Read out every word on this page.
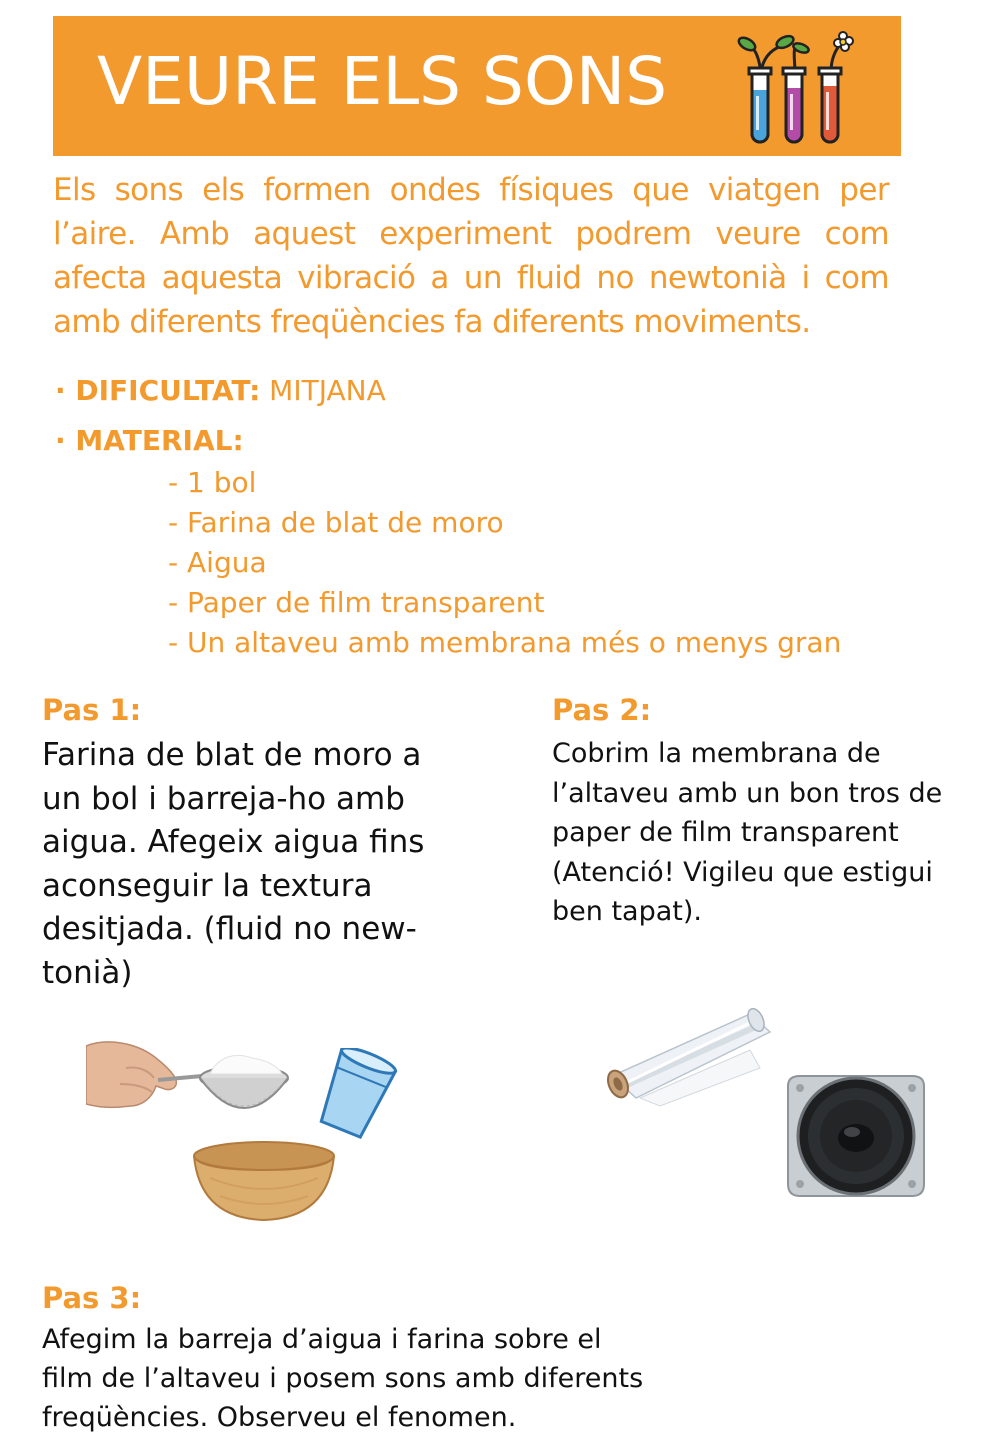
VEURE ELS SONS
Els sons els formen ondes físiques que viatgen per
l’aire. Amb aquest experiment podrem veure com
afecta aquesta vibració a un fluid no newtonià i com
amb diferents freqüències fa diferents moviments.
· DIFICULTAT: MITJANA
· MATERIAL:
- 1 bol
- Farina de blat de moro
- Aigua
- Paper de film transparent
- Un altaveu amb membrana més o menys gran
Pas 1:
Farina de blat de moro a
un bol i barreja-ho amb
aigua. Afegeix aigua fins
aconseguir la textura
desitjada. (fluid no new-
tonià)
Pas 2:
Cobrim la membrana de
l’altaveu amb un bon tros de
paper de film transparent
(Atenció! Vigileu que estigui
ben tapat).
Pas 3:
Afegim la barreja d’aigua i farina sobre el
film de l’altaveu i posem sons amb diferents
freqüències. Observeu el fenomen.
